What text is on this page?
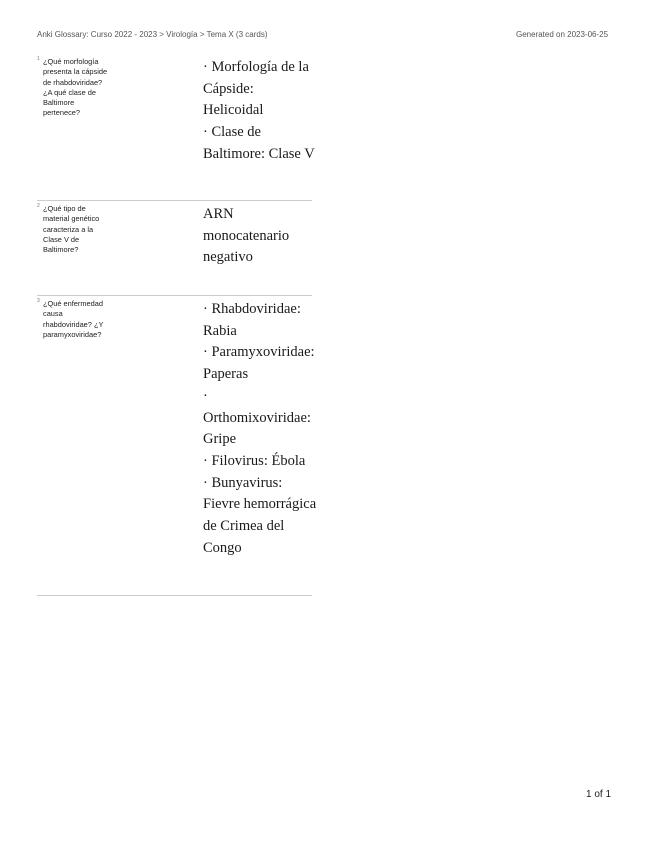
Anki Glossary: Curso 2022 - 2023 > Virología > Tema X (3 cards)	Generated on 2023-06-25
1 ¿Qué morfología presenta la cápside de rhabdoviridae? ¿A qué clase de Baltimore pertenece?
· Morfología de la Cápside: Helicoidal
· Clase de Baltimore: Clase V
2 ¿Qué tipo de material genético caracteriza a la Clase V de Baltimore?
ARN monocatenario negativo
3 ¿Qué enfermedad causa rhabdoviridae? ¿Y paramyxoviridae?
· Rhabdoviridae: Rabia
· Paramyxoviridae: Paperas
· Orthomixoviridae: Gripe
· Filovirus: Ébola
· Bunyavirus: Fievre hemorrágica de Crimea del Congo
1 of 1
